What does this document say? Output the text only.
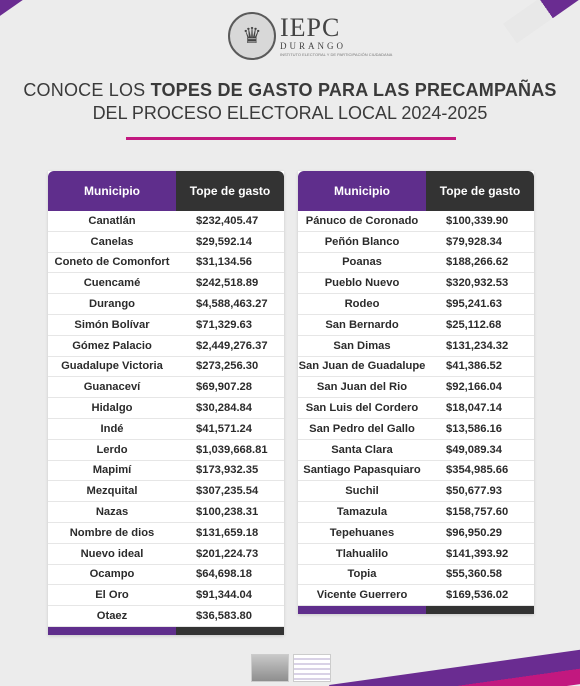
♛ IEPC
DURANGO
INSTITUTO ELECTORAL Y DE PARTICIPACIÓN CIUDADANA
CONOCE LOS TOPES DE GASTO PARA LAS PRECAMPAÑAS
DEL PROCESO ELECTORAL LOCAL 2024-2025
Municipio	Tope de gasto
Canatlán	$232,405.47
Canelas	$29,592.14
Coneto de Comonfort	$31,134.56
Cuencamé	$242,518.89
Durango	$4,588,463.27
Simón Bolívar	$71,329.63
Gómez Palacio	$2,449,276.37
Guadalupe Victoria	$273,256.30
Guanaceví	$69,907.28
Hidalgo	$30,284.84
Indé	$41,571.24
Lerdo	$1,039,668.81
Mapimí	$173,932.35
Mezquital	$307,235.54
Nazas	$100,238.31
Nombre de dios	$131,659.18
Nuevo ideal	$201,224.73
Ocampo	$64,698.18
El Oro	$91,344.04
Otaez	$36,583.80
Municipio	Tope de gasto
Pánuco de Coronado	$100,339.90
Peñón Blanco	$79,928.34
Poanas	$188,266.62
Pueblo Nuevo	$320,932.53
Rodeo	$95,241.63
San Bernardo	$25,112.68
San Dimas	$131,234.32
San Juan de Guadalupe	$41,386.52
San Juan del Rio	$92,166.04
San Luis del Cordero	$18,047.14
San Pedro del Gallo	$13,586.16
Santa Clara	$49,089.34
Santiago Papasquiaro	$354,985.66
Suchil	$50,677.93
Tamazula	$158,757.60
Tepehuanes	$96,950.29
Tlahualilo	$141,393.92
Topia	$55,360.58
Vicente Guerrero	$169,536.02
